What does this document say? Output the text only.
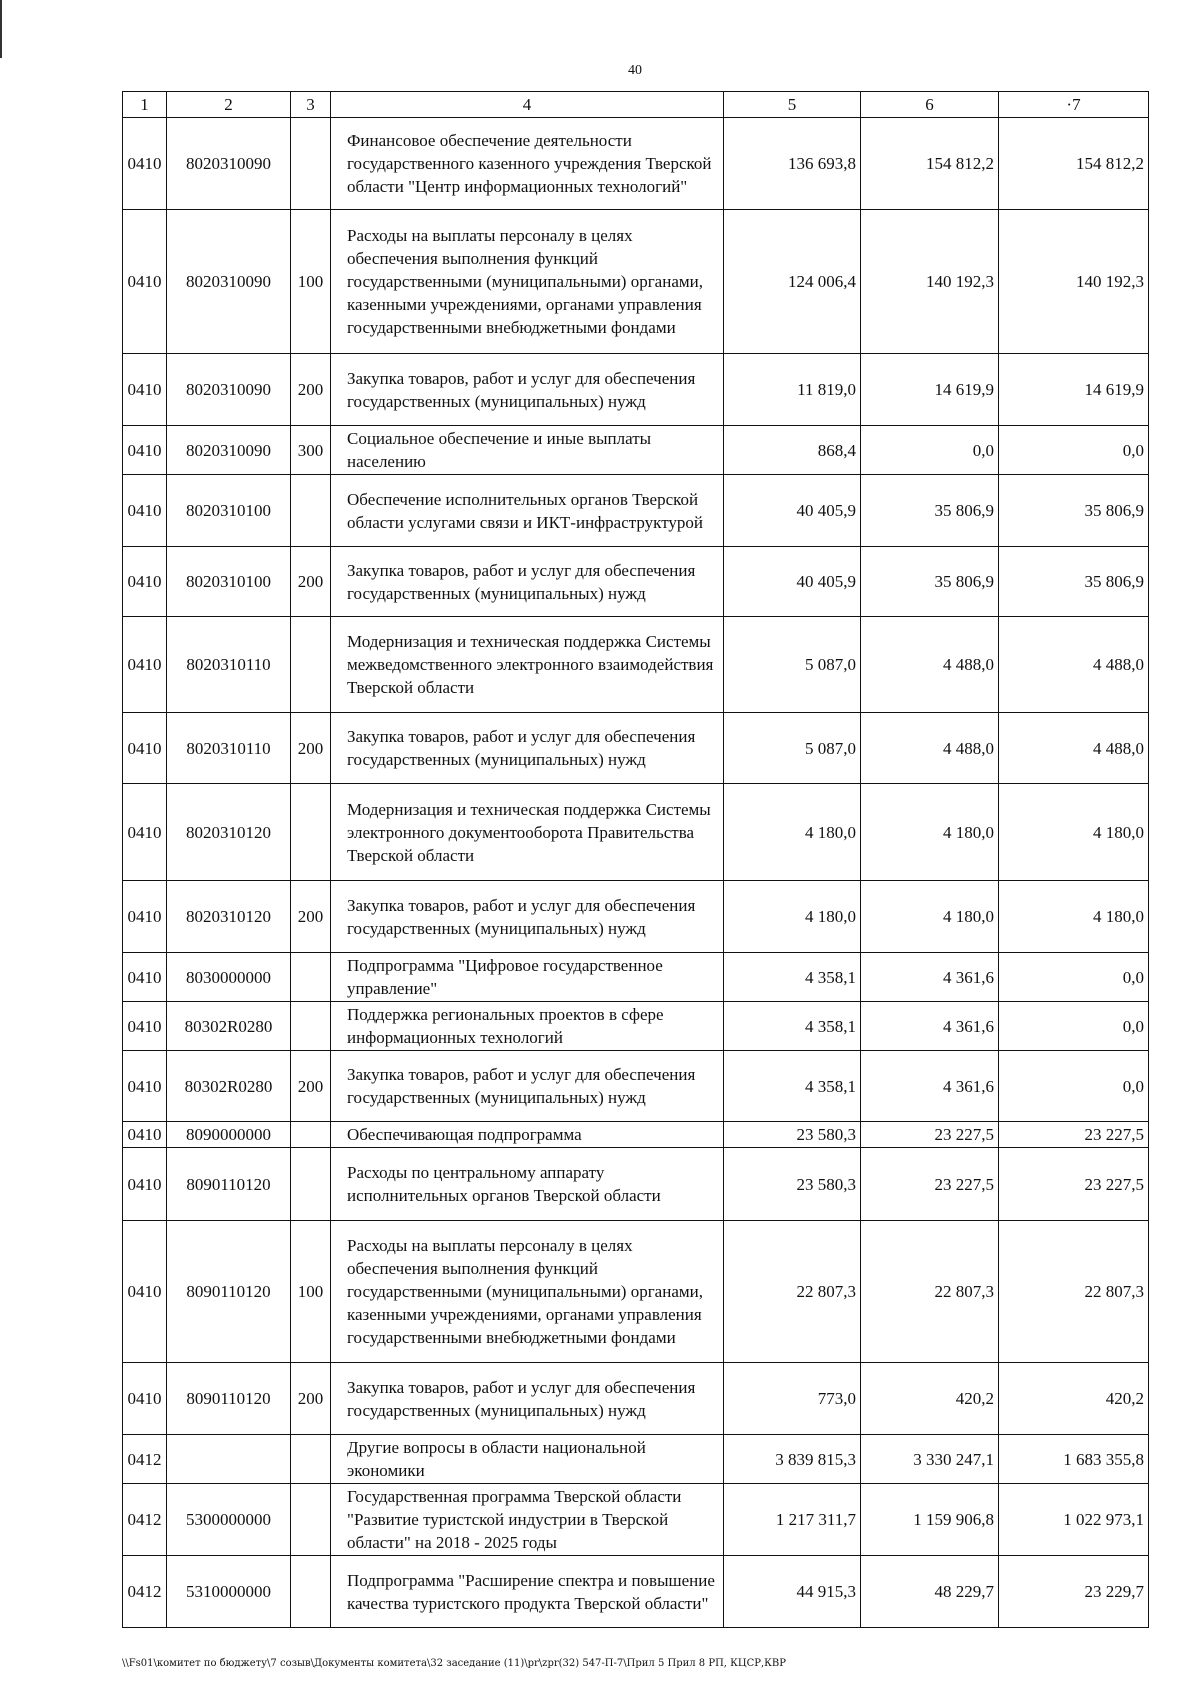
40
1	2	3	4	5	6	·7
0410	8020310090		Финансовое обеспечение деятельности государственного казенного учреждения Тверской области "Центр информационных технологий"	136 693,8	154 812,2	154 812,2
0410	8020310090	100	Расходы на выплаты персоналу в целях обеспечения выполнения функций государственными (муниципальными) органами, казенными учреждениями, органами управления государственными внебюджетными фондами	124 006,4	140 192,3	140 192,3
0410	8020310090	200	Закупка товаров, работ и услуг для обеспечения государственных (муниципальных) нужд	11 819,0	14 619,9	14 619,9
0410	8020310090	300	Социальное обеспечение и иные выплаты населению	868,4	0,0	0,0
0410	8020310100		Обеспечение исполнительных органов Тверской области услугами связи и ИКТ-инфраструктурой	40 405,9	35 806,9	35 806,9
0410	8020310100	200	Закупка товаров, работ и услуг для обеспечения государственных (муниципальных) нужд	40 405,9	35 806,9	35 806,9
0410	8020310110		Модернизация и техническая поддержка Системы межведомственного электронного взаимодействия Тверской области	5 087,0	4 488,0	4 488,0
0410	8020310110	200	Закупка товаров, работ и услуг для обеспечения государственных (муниципальных) нужд	5 087,0	4 488,0	4 488,0
0410	8020310120		Модернизация и техническая поддержка Системы электронного документооборота Правительства Тверской области	4 180,0	4 180,0	4 180,0
0410	8020310120	200	Закупка товаров, работ и услуг для обеспечения государственных (муниципальных) нужд	4 180,0	4 180,0	4 180,0
0410	8030000000		Подпрограмма "Цифровое государственное управление"	4 358,1	4 361,6	0,0
0410	80302R0280		Поддержка региональных проектов в сфере информационных технологий	4 358,1	4 361,6	0,0
0410	80302R0280	200	Закупка товаров, работ и услуг для обеспечения государственных (муниципальных) нужд	4 358,1	4 361,6	0,0
0410	8090000000		Обеспечивающая подпрограмма	23 580,3	23 227,5	23 227,5
0410	8090110120		Расходы по центральному аппарату исполнительных органов Тверской области	23 580,3	23 227,5	23 227,5
0410	8090110120	100	Расходы на выплаты персоналу в целях обеспечения выполнения функций государственными (муниципальными) органами, казенными учреждениями, органами управления государственными внебюджетными фондами	22 807,3	22 807,3	22 807,3
0410	8090110120	200	Закупка товаров, работ и услуг для обеспечения государственных (муниципальных) нужд	773,0	420,2	420,2
0412			Другие вопросы в области национальной экономики	3 839 815,3	3 330 247,1	1 683 355,8
0412	5300000000		Государственная программа Тверской области "Развитие туристской индустрии в Тверской области" на 2018 - 2025 годы	1 217 311,7	1 159 906,8	1 022 973,1
0412	5310000000		Подпрограмма "Расширение спектра и повышение качества туристского продукта Тверской области"	44 915,3	48 229,7	23 229,7
\\Fs01\комитет по бюджету\7 созыв\Документы комитета\32 заседание (11)\pr\zpr(32) 547-П-7\Прил 5 Прил 8 РП, КЦСР,КВР
